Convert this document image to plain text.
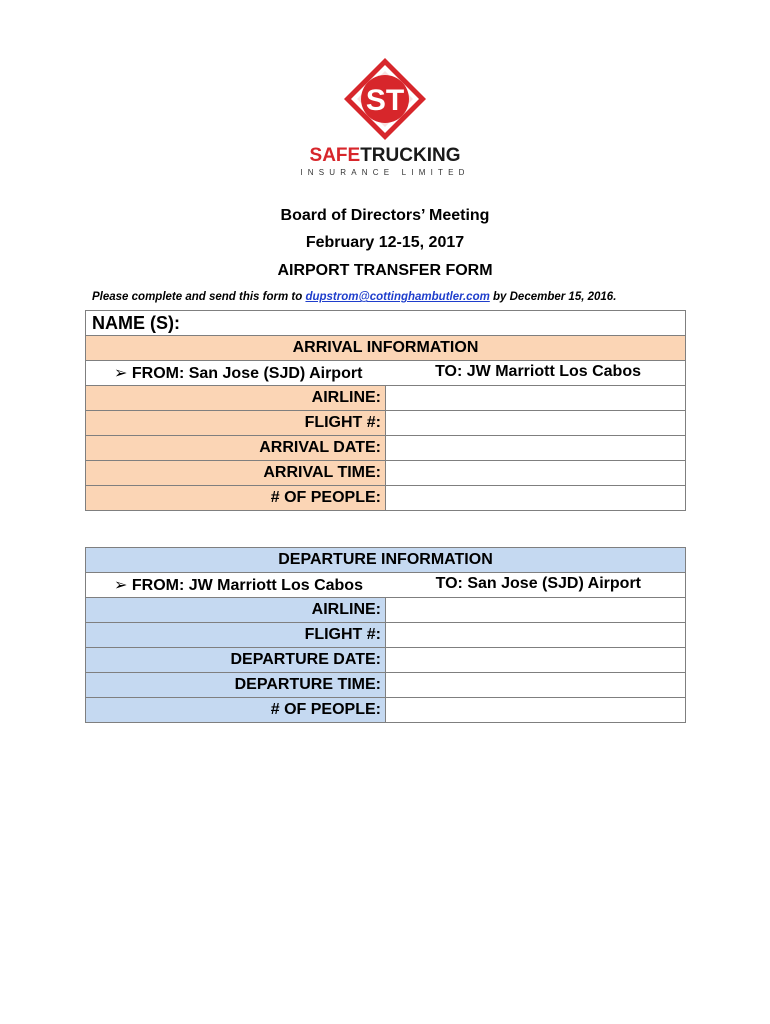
ST
SAFETRUCKING
INSURANCE LIMITED
Board of Directors’ Meeting
February 12-15, 2017
AIRPORT TRANSFER FORM
Please complete and send this form to dupstrom@cottinghambutler.com by December 15, 2016.
NAME (S):	
ARRIVAL INFORMATION	

➢ FROM: San Jose (SJD) Airport TO: JW Marriott Los Cabos

AIRLINE:	
FLIGHT #:	
ARRIVAL DATE:	
ARRIVAL TIME:	
# OF PEOPLE:	
DEPARTURE INFORMATION	

➢ FROM: JW Marriott Los Cabos TO: San Jose (SJD) Airport

AIRLINE:	
FLIGHT #:	
DEPARTURE DATE:	
DEPARTURE TIME:	
# OF PEOPLE:	
